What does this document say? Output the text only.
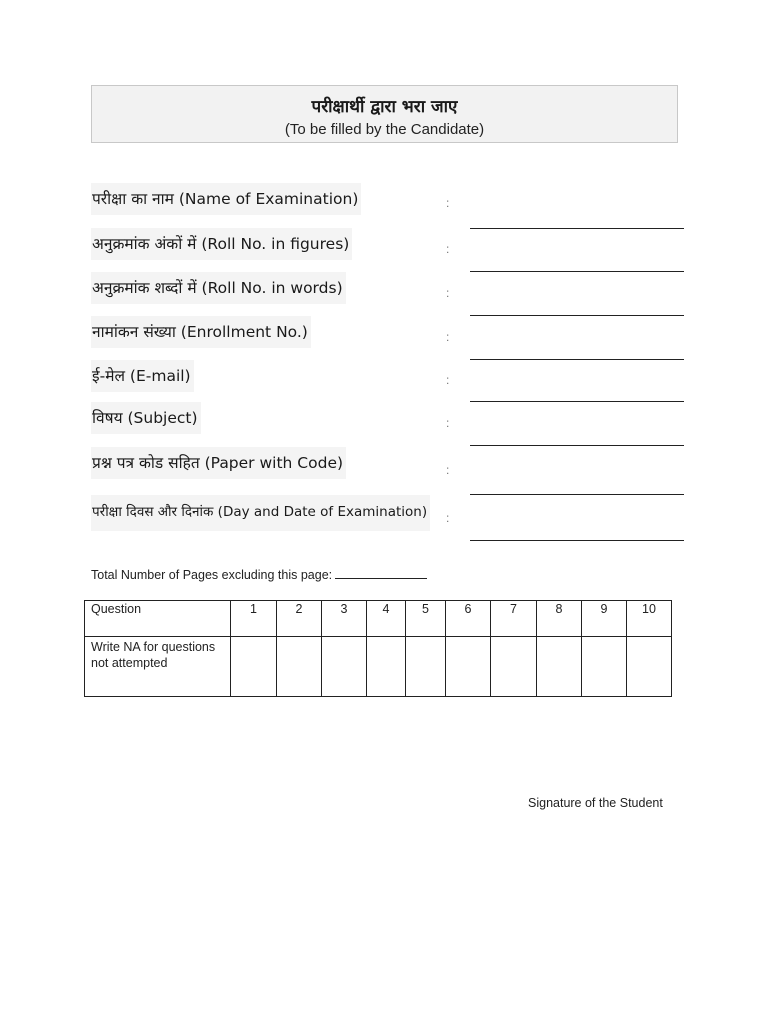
परीक्षार्थी द्वारा भरा जाए
(To be filled by the Candidate)
परीक्षा का नाम (Name of Examination)	:
अनुक्रमांक अंकों में (Roll No. in figures)	:
अनुक्रमांक शब्दों में (Roll No. in words)	:
नामांकन संख्या (Enrollment No.)	:
ई-मेल (E-mail)	:
विषय (Subject)	:
प्रश्न पत्र कोड सहित (Paper with Code)	:
परीक्षा दिवस और दिनांक (Day and Date of Examination) :
Total Number of Pages excluding this page:
Question	1	2	3	4	5	6	7	8	9	10
Write NA for questions not attempted										
Signature of the Student
